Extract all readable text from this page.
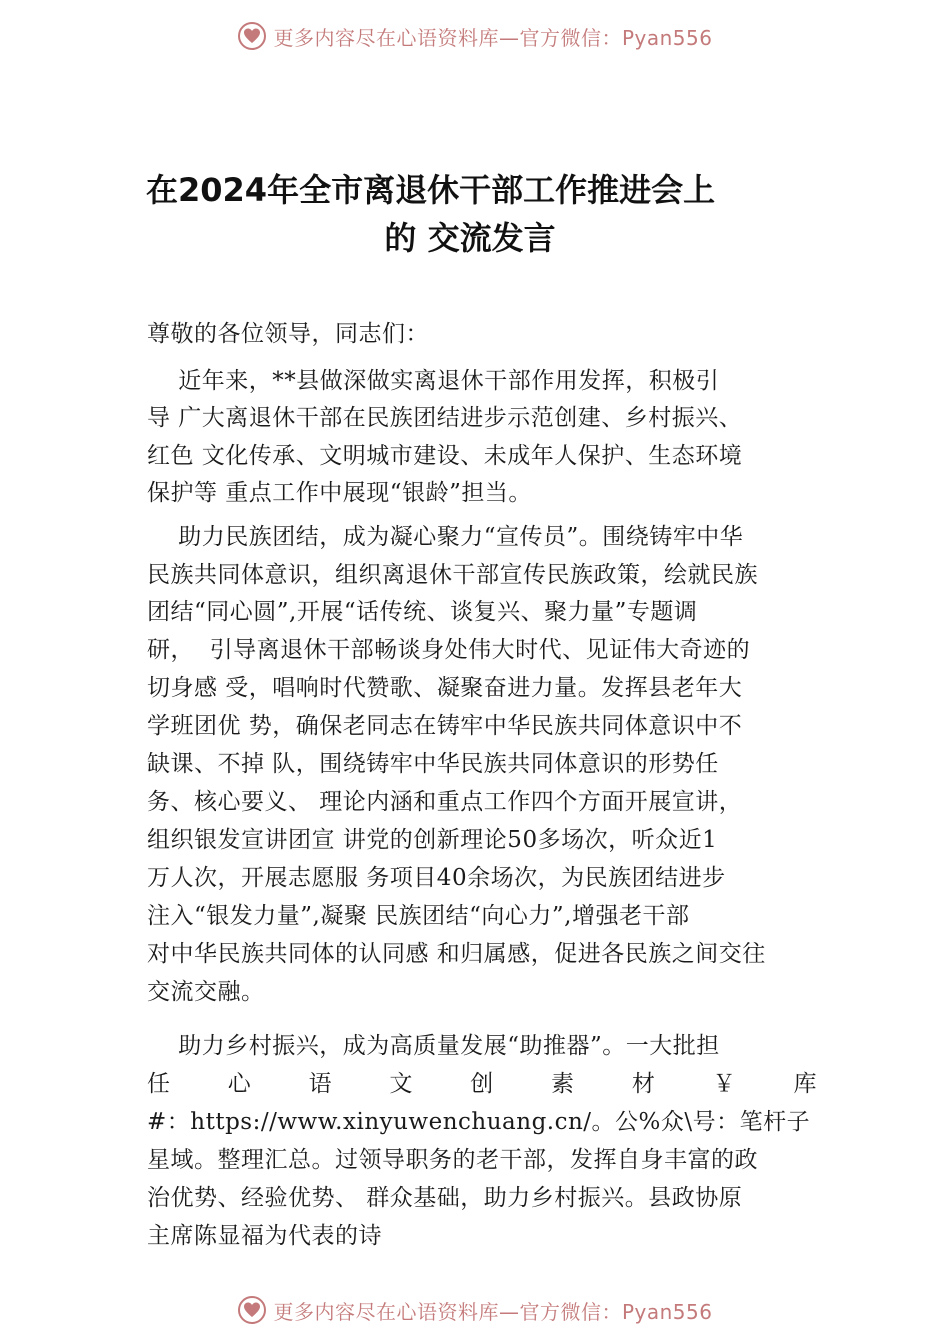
更多内容尽在心语资料库—官方微信：Pyan556
在2024年全市离退休干部工作推进会上
的 交流发言
尊敬的各位领导，同志们：
近年来，**县做深做实离退休干部作用发挥，积极引
导 广大离退休干部在民族团结进步示范创建、乡村振兴、
红色 文化传承、文明城市建设、未成年人保护、生态环境
保护等 重点工作中展现“银龄”担当。
助力民族团结，成为凝心聚力“宣传员”。围绕铸牢中华
民族共同体意识，组织离退休干部宣传民族政策，绘就民族
团结“同心圆”,开展“话传统、谈复兴、聚力量”专题调
研，  引导离退休干部畅谈身处伟大时代、见证伟大奇迹的
切身感 受，唱响时代赞歌、凝聚奋进力量。发挥县老年大
学班团优 势，确保老同志在铸牢中华民族共同体意识中不
缺课、不掉 队，围绕铸牢中华民族共同体意识的形势任
务、核心要义、 理论内涵和重点工作四个方面开展宣讲，
组织银发宣讲团宣 讲党的创新理论50多场次，听众近1
万人次，开展志愿服 务项目40余场次，为民族团结进步
注入“银发力量”,凝聚 民族团结“向心力”,增强老干部
对中华民族共同体的认同感 和归属感，促进各民族之间交往
交流交融。
助力乡村振兴，成为高质量发展“助推器”。一大批担
任 心 语 文 创 素 材 ￥ 库
#：https://www.xinyuwenchuang.cn/。公%众\号：笔杆子
星域。整理汇总。过领导职务的老干部，发挥自身丰富的政
治优势、经验优势、 群众基础，助力乡村振兴。县政协原
主席陈显福为代表的诗
更多内容尽在心语资料库—官方微信：Pyan556
